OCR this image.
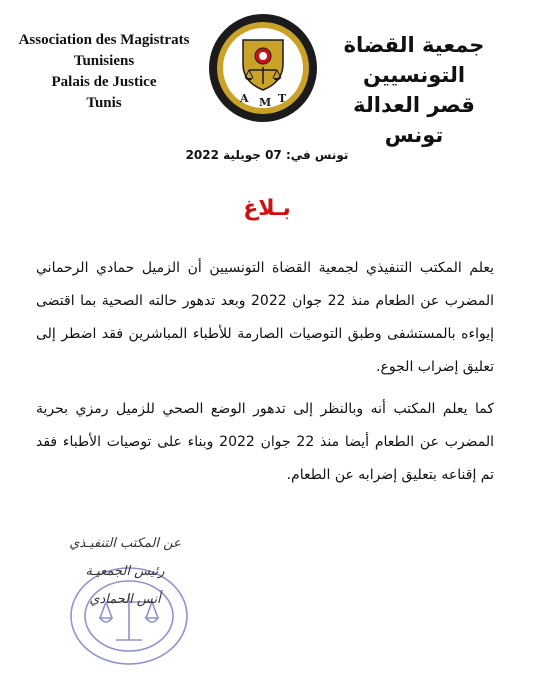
Association des Magistrats
Tunisiens
Palais de Justice
Tunis	A M T
جمعية القضاة التونسيين
قصر العدالة
تونس
تونس في: 07 جويلية 2022
بـلاغ

يعلم المكتب التنفيذي لجمعية القضاة التونسيين أن الزميل حمادي الرحماني المضرب عن الطعام منذ 22 جوان 2022 وبعد تدهور حالته الصحية بما اقتضى إيواءه بالمستشفى وطبق التوصيات الصارمة للأطباء المباشرين فقد اضطر إلى تعليق إضراب الجوع.

كما يعلم المكتب أنه وبالنظر إلى تدهور الوضع الصحي للزميل رمزي بحرية المضرب عن الطعام أيضا منذ 22 جوان 2022 وبناء على توصيات الأطباء فقد تم إقناعه بتعليق إضرابه عن الطعام.

عن المكتب التنفيـذي
رئيس الجمعيـة
أنس الحمادي
